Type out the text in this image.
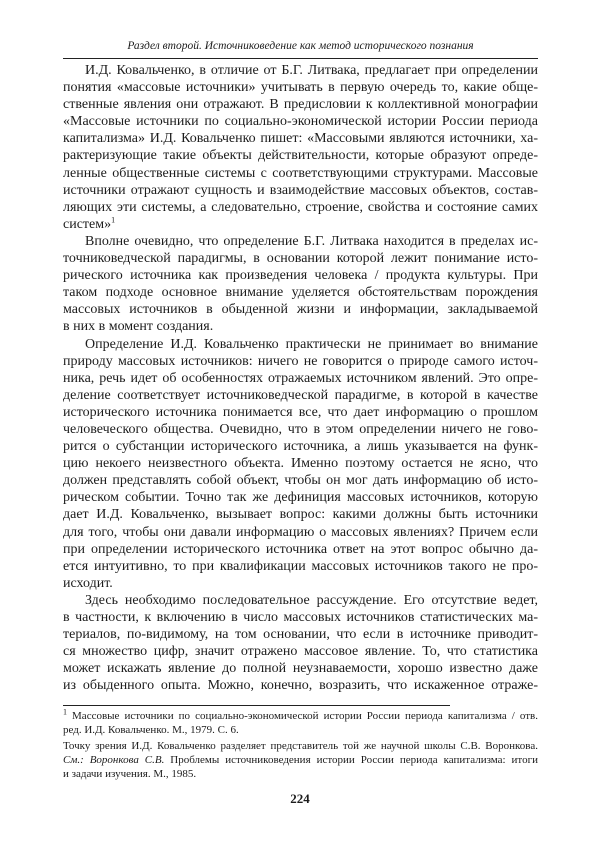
Раздел второй. Источниковедение как метод исторического познания
И.Д. Ковальченко, в отличие от Б.Г. Литвака, предлагает при определении
понятия «массовые источники» учитывать в первую очередь то, какие обще-
ственные явления они отражают. В предисловии к коллективной монографии
«Массовые источники по социально-экономической истории России периода
капитализма» И.Д. Ковальченко пишет: «Массовыми являются источники, ха-
рактеризующие такие объекты действительности, которые образуют опреде-
ленные общественные системы с соответствующими структурами. Массовые
источники отражают сущность и взаимодействие массовых объектов, состав-
ляющих эти системы, а следовательно, строение, свойства и состояние самих
систем»$^1$
Вполне очевидно, что определение Б.Г. Литвака находится в пределах ис-
точниковедческой парадигмы, в основании которой лежит понимание исто-
рического источника как произведения человека / продукта культуры. При
таком подходе основное внимание уделяется обстоятельствам порождения
массовых источников в обыденной жизни и информации, закладываемой
в них в момент создания.
Определение И.Д. Ковальченко практически не принимает во внимание
природу массовых источников: ничего не говорится о природе самого источ-
ника, речь идет об особенностях отражаемых источником явлений. Это опре-
деление соответствует источниковедческой парадигме, в которой в качестве
исторического источника понимается все, что дает информацию о прошлом
человеческого общества. Очевидно, что в этом определении ничего не гово-
рится о субстанции исторического источника, а лишь указывается на функ-
цию некоего неизвестного объекта. Именно поэтому остается не ясно, что
должен представлять собой объект, чтобы он мог дать информацию об исто-
рическом событии. Точно так же дефиниция массовых источников, которую
дает И.Д. Ковальченко, вызывает вопрос: какими должны быть источники
для того, чтобы они давали информацию о массовых явлениях? Причем если
при определении исторического источника ответ на этот вопрос обычно да-
ется интуитивно, то при квалификации массовых источников такого не про-
исходит.
Здесь необходимо последовательное рассуждение. Его отсутствие ведет,
в частности, к включению в число массовых источников статистических ма-
териалов, по-видимому, на том основании, что если в источнике приводит-
ся множество цифр, значит отражено массовое явление. То, что статистика
может искажать явление до полной неузнаваемости, хорошо известно даже
из обыденного опыта. Можно, конечно, возразить, что искаженное отраже-
$^1$ Массовые источники по социально-экономической истории России периода капитализма / отв.
ред. И.Д. Ковальченко. М., 1979. С. 6.
Точку зрения И.Д. Ковальченко разделяет представитель той же научной школы С.В. Воронкова.
См.: Воронкова С.В. Проблемы источниковедения истории России периода капитализма: итоги
и задачи изучения. М., 1985.
224
